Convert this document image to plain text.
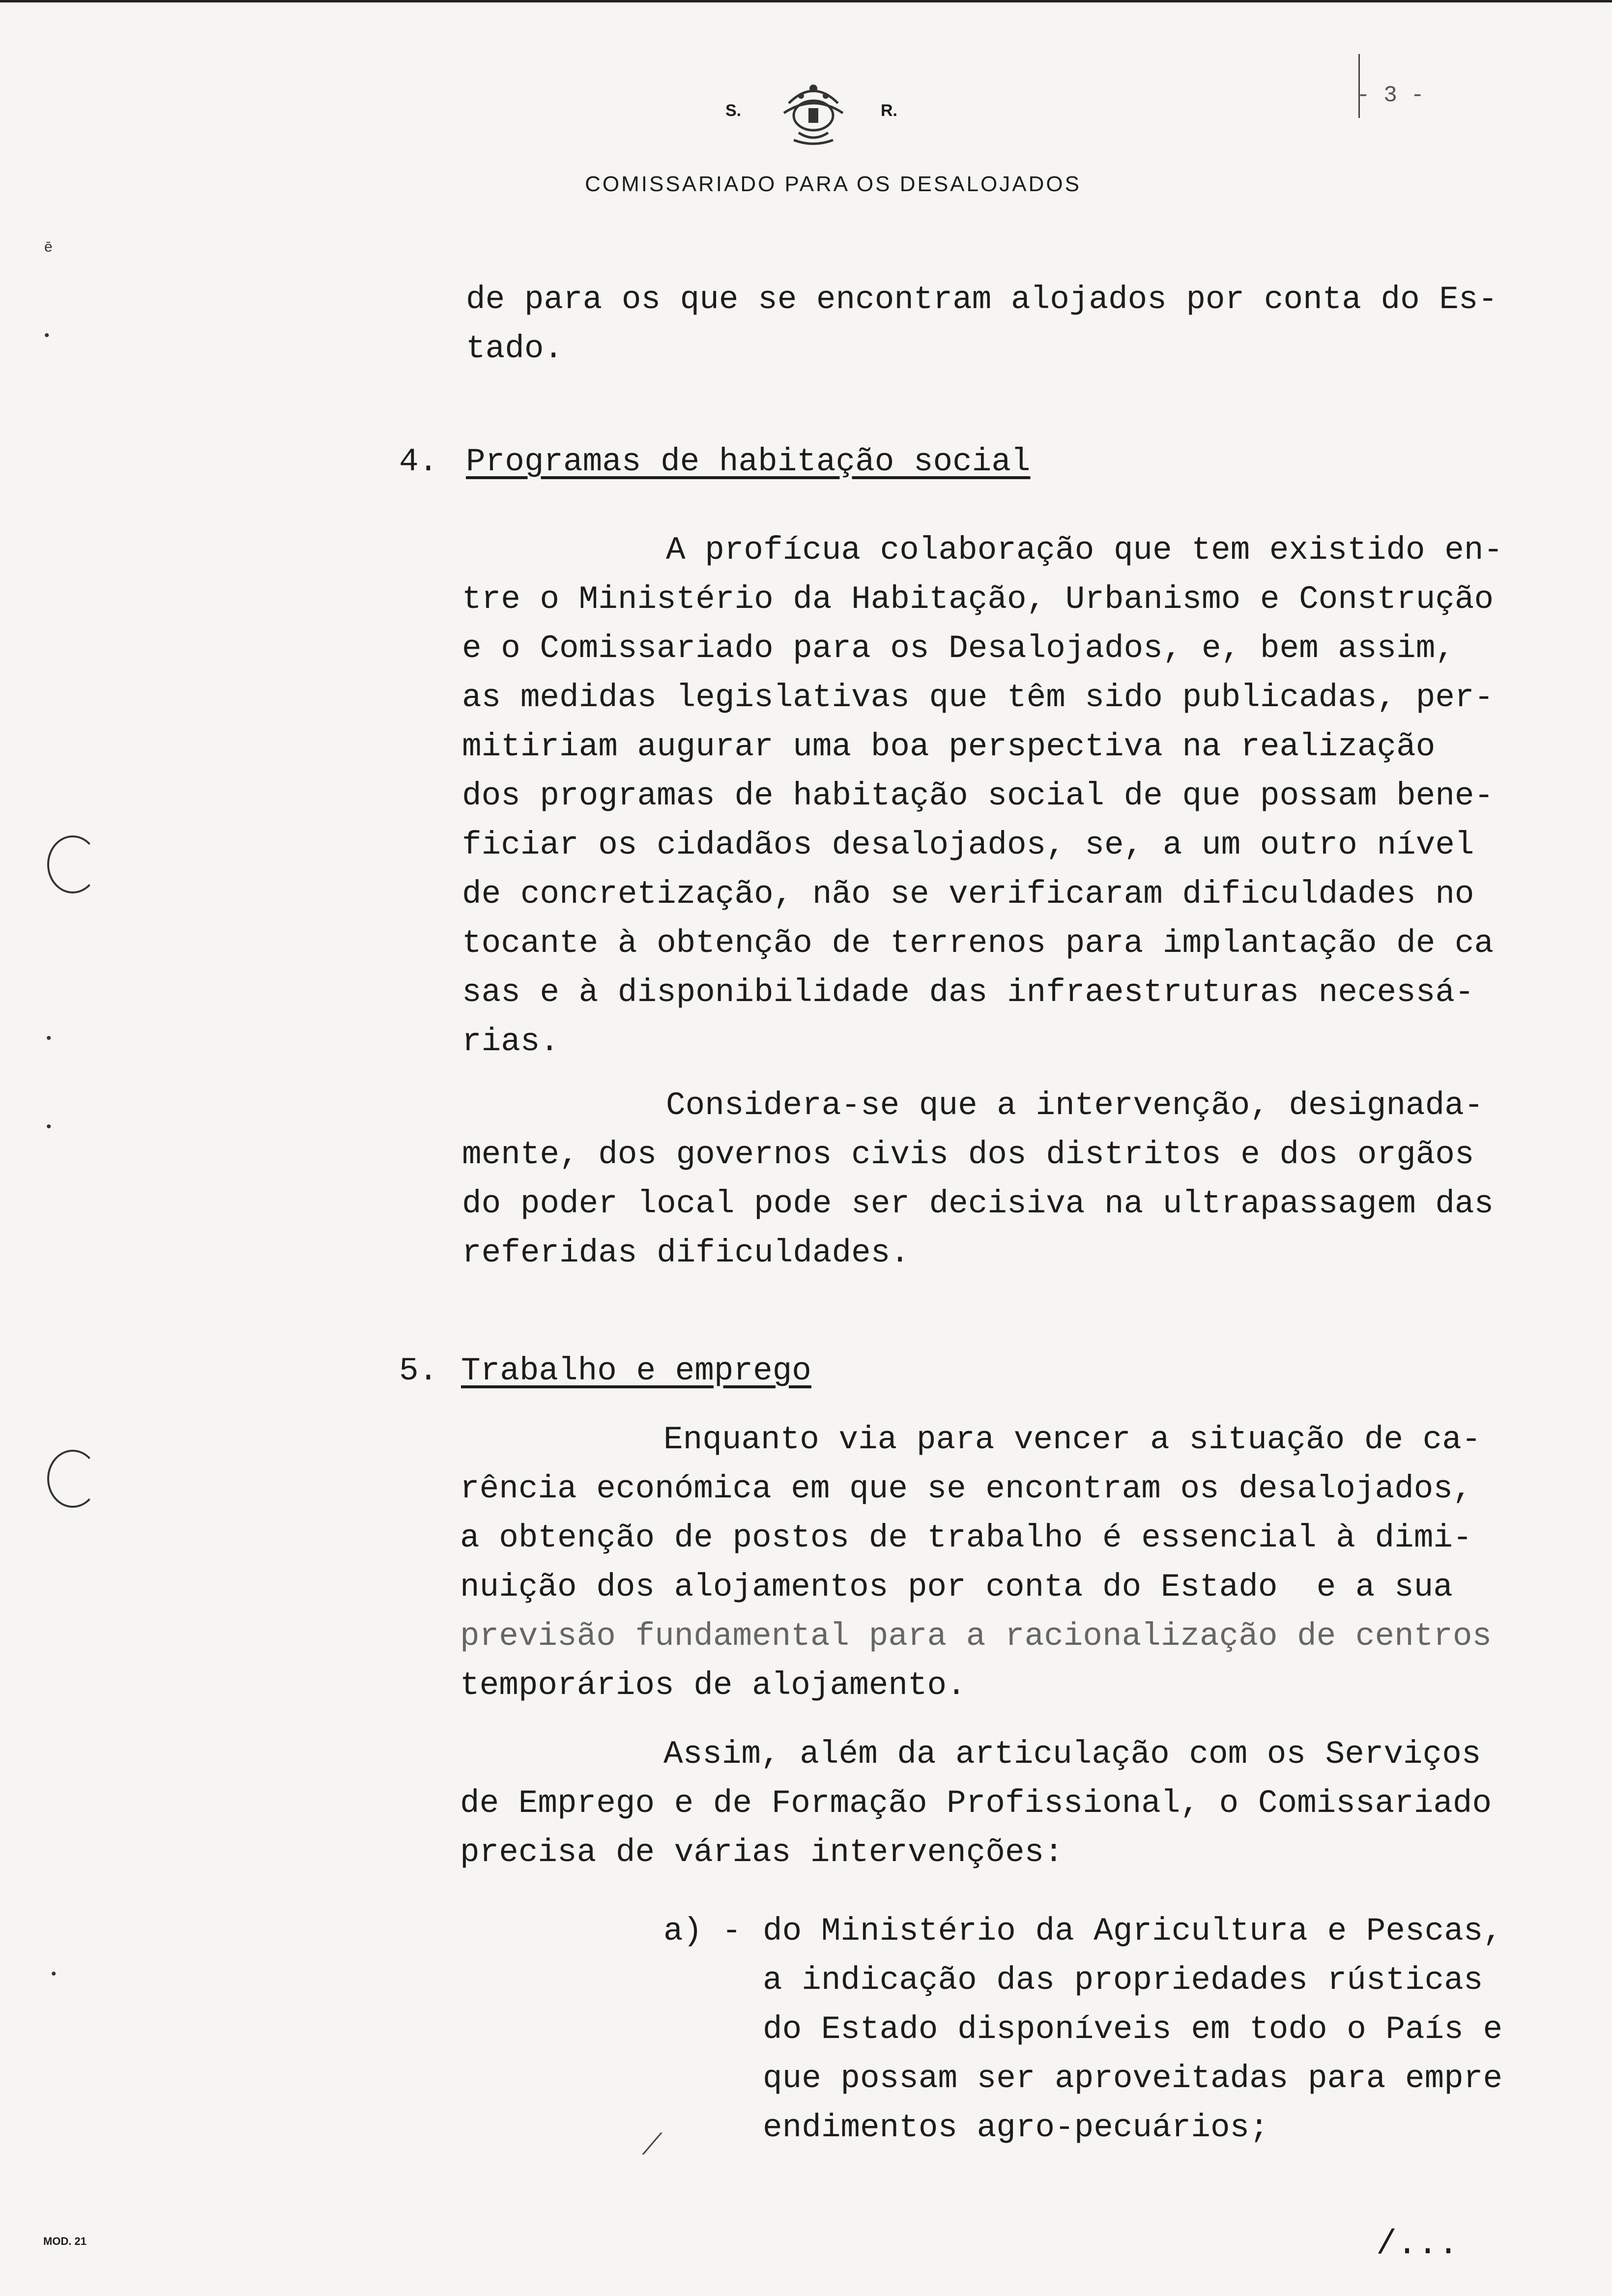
S.	R.
COMISSARIADO PARA OS DESALOJADOS
- 3 -
de para os que se encontram alojados por conta do Es-
tado.
4. Programas de habitação social
A profícua colaboração que tem existido en-
tre o Ministério da Habitação, Urbanismo e Construção
e o Comissariado para os Desalojados, e, bem assim,
as medidas legislativas que têm sido publicadas, per-
mitiriam augurar uma boa perspectiva na realização
dos programas de habitação social de que possam bene-
ficiar os cidadãos desalojados, se, a um outro nível
de concretização, não se verificaram dificuldades no
tocante à obtenção de terrenos para implantação de ca
sas e à disponibilidade das infraestruturas necessá-
rias.
Considera-se que a intervenção, designada-
mente, dos governos civis dos distritos e dos orgãos
do poder local pode ser decisiva na ultrapassagem das
referidas dificuldades.
5. Trabalho e emprego
Enquanto via para vencer a situação de ca-
rência económica em que se encontram os desalojados,
a obtenção de postos de trabalho é essencial à dimi-
nuição dos alojamentos por conta do Estado  e a sua
previsão fundamental para a racionalização de centros
temporários de alojamento.
Assim, além da articulação com os Serviços
de Emprego e de Formação Profissional, o Comissariado
precisa de várias intervenções:
a) - do Ministério da Agricultura e Pescas,
a indicação das propriedades rústicas
do Estado disponíveis em todo o País e
que possam ser aproveitadas para empre
endimentos agro-pecuários;
⟋
ē
•
•
•
•
MOD. 21	/...
